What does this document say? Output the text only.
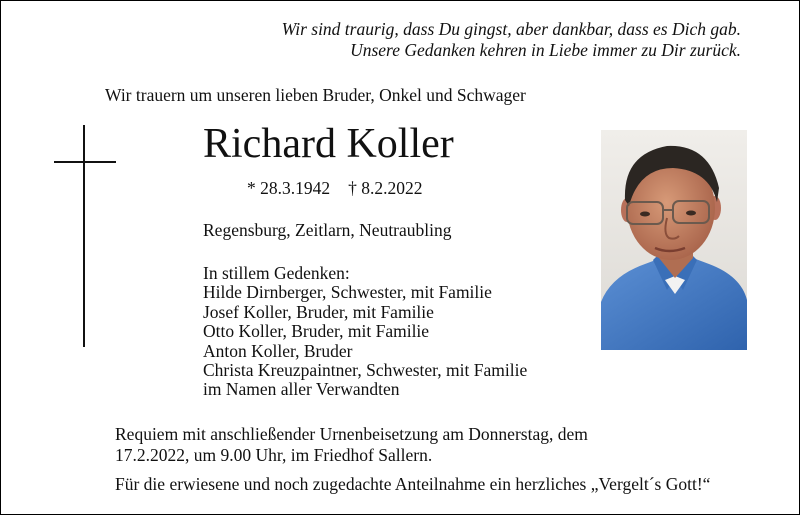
Wir sind traurig, dass Du gingst, aber dankbar, dass es Dich gab.
Unsere Gedanken kehren in Liebe immer zu Dir zurück.
Wir trauern um unseren lieben Bruder, Onkel und Schwager
Richard Koller
* 28.3.1942 † 8.2.2022
Regensburg, Zeitlarn, Neutraubling
In stillem Gedenken:
Hilde Dirnberger, Schwester, mit Familie
Josef Koller, Bruder, mit Familie
Otto Koller, Bruder, mit Familie
Anton Koller, Bruder
Christa Kreuzpaintner, Schwester, mit Familie
im Namen aller Verwandten
Requiem mit anschließender Urnenbeisetzung am Donnerstag, dem
17.2.2022, um 9.00 Uhr, im Friedhof Sallern.
Für die erwiesene und noch zugedachte Anteilnahme ein herzliches „Vergelt´s Gott!“
